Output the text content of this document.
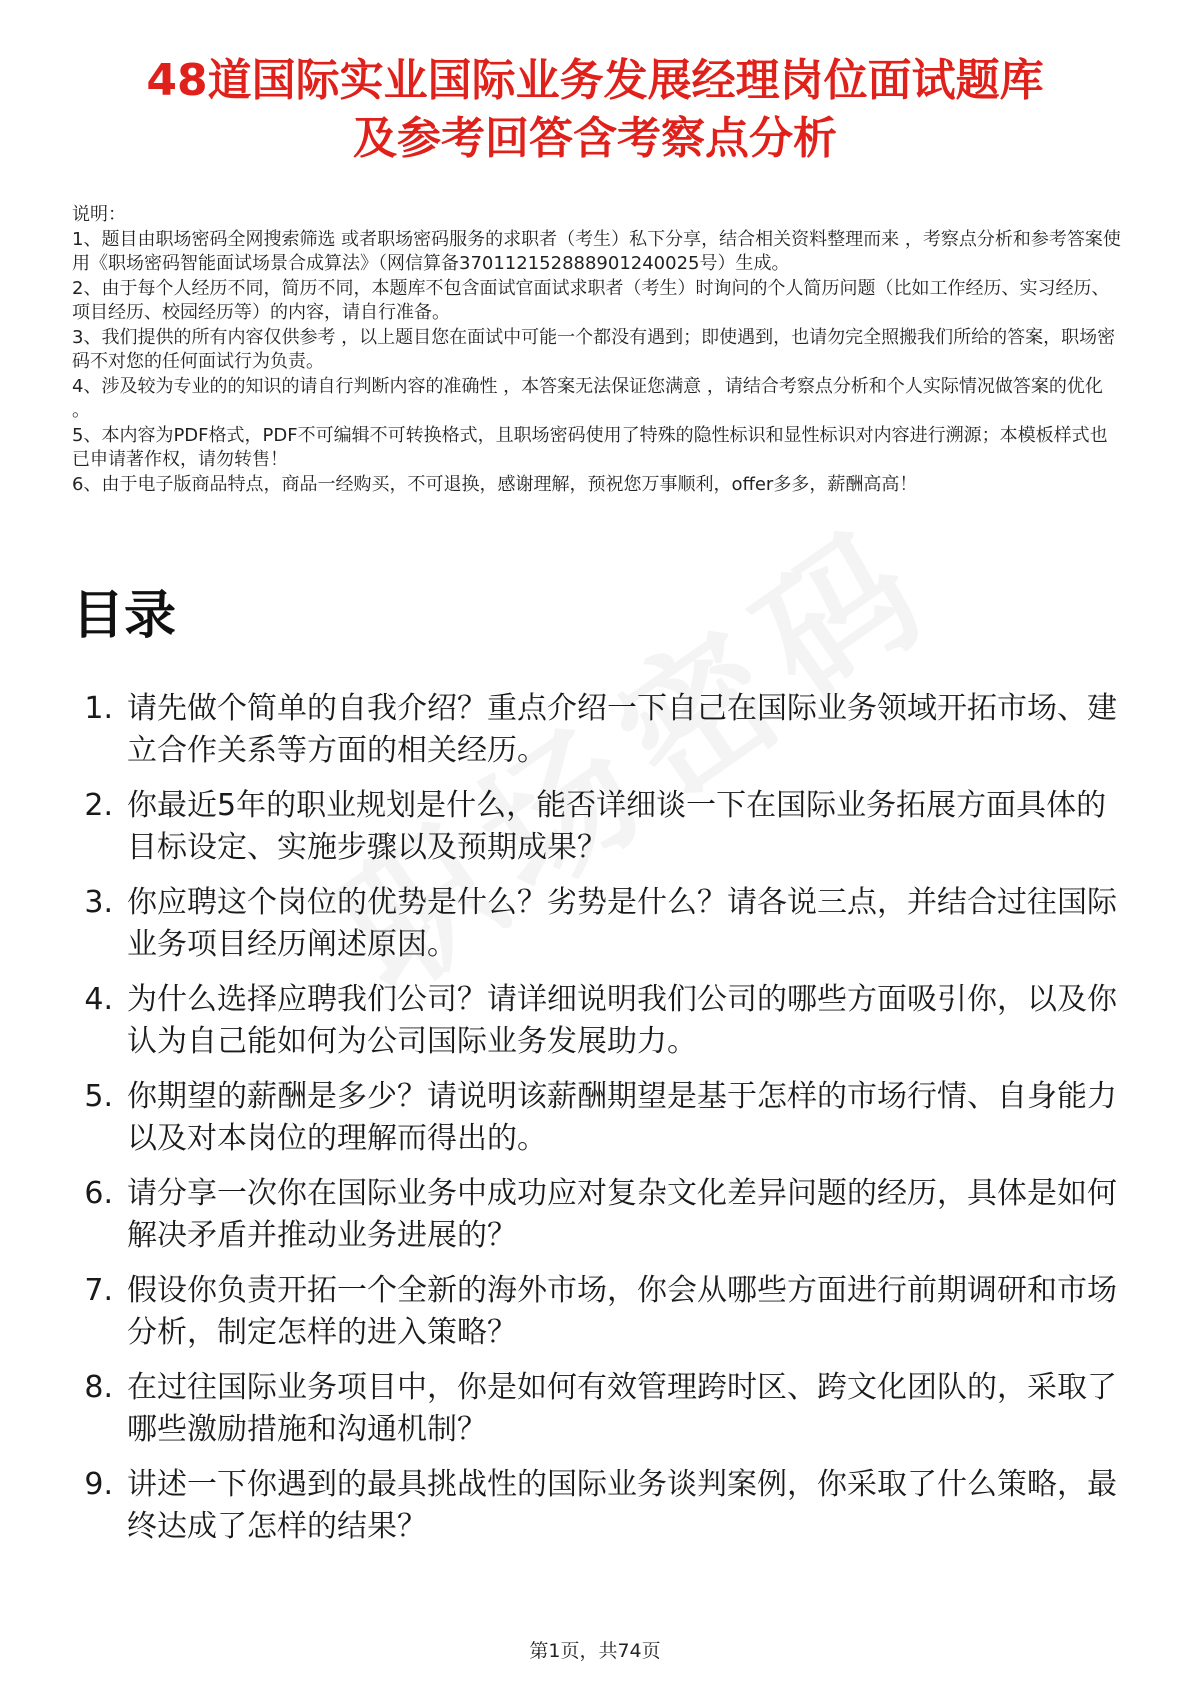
48道国际实业国际业务发展经理岗位面试题库
及参考回答含考察点分析

说明：

1、题目由职场密码全网搜索筛选 或者职场密码服务的求职者（考生）私下分享，结合相关资料整理而来 ，考察点分析和参考答案使用《职场密码智能面试场景合成算法》（网信算备370112152888901240025号）生成。

2、由于每个人经历不同，简历不同，本题库不包含面试官面试求职者（考生）时询问的个人简历问题（比如工作经历、实习经历、项目经历、校园经历等）的内容，请自行准备。

3、我们提供的所有内容仅供参考 ，以上题目您在面试中可能一个都没有遇到；即使遇到，也请勿完全照搬我们所给的答案，职场密码不对您的任何面试行为负责。

4、涉及较为专业的的知识的请自行判断内容的准确性 ，本答案无法保证您满意 ，请结合考察点分析和个人实际情况做答案的优化 。

5、本内容为PDF格式，PDF不可编辑不可转换格式，且职场密码使用了特殊的隐性标识和显性标识对内容进行溯源；本模板样式也已申请著作权，请勿转售！

6、由于电子版商品特点，商品一经购买，不可退换，感谢理解，预祝您万事顺利，offer多多，薪酬高高！

目录
1. 请先做个简单的自我介绍？重点介绍一下自己在国际业务领域开拓市场、建立合作关系等方面的相关经历。
2. 你最近5年的职业规划是什么，能否详细谈一下在国际业务拓展方面具体的目标设定、实施步骤以及预期成果？
3. 你应聘这个岗位的优势是什么？劣势是什么？请各说三点，并结合过往国际业务项目经历阐述原因。
4. 为什么选择应聘我们公司？请详细说明我们公司的哪些方面吸引你，以及你认为自己能如何为公司国际业务发展助力。
5. 你期望的薪酬是多少？请说明该薪酬期望是基于怎样的市场行情、自身能力以及对本岗位的理解而得出的。
6. 请分享一次你在国际业务中成功应对复杂文化差异问题的经历，具体是如何解决矛盾并推动业务进展的？
7. 假设你负责开拓一个全新的海外市场，你会从哪些方面进行前期调研和市场分析，制定怎样的进入策略？
8. 在过往国际业务项目中，你是如何有效管理跨时区、跨文化团队的，采取了哪些激励措施和沟通机制？
9. 讲述一下你遇到的最具挑战性的国际业务谈判案例，你采取了什么策略，最终达成了怎样的结果？
第1页，共74页
